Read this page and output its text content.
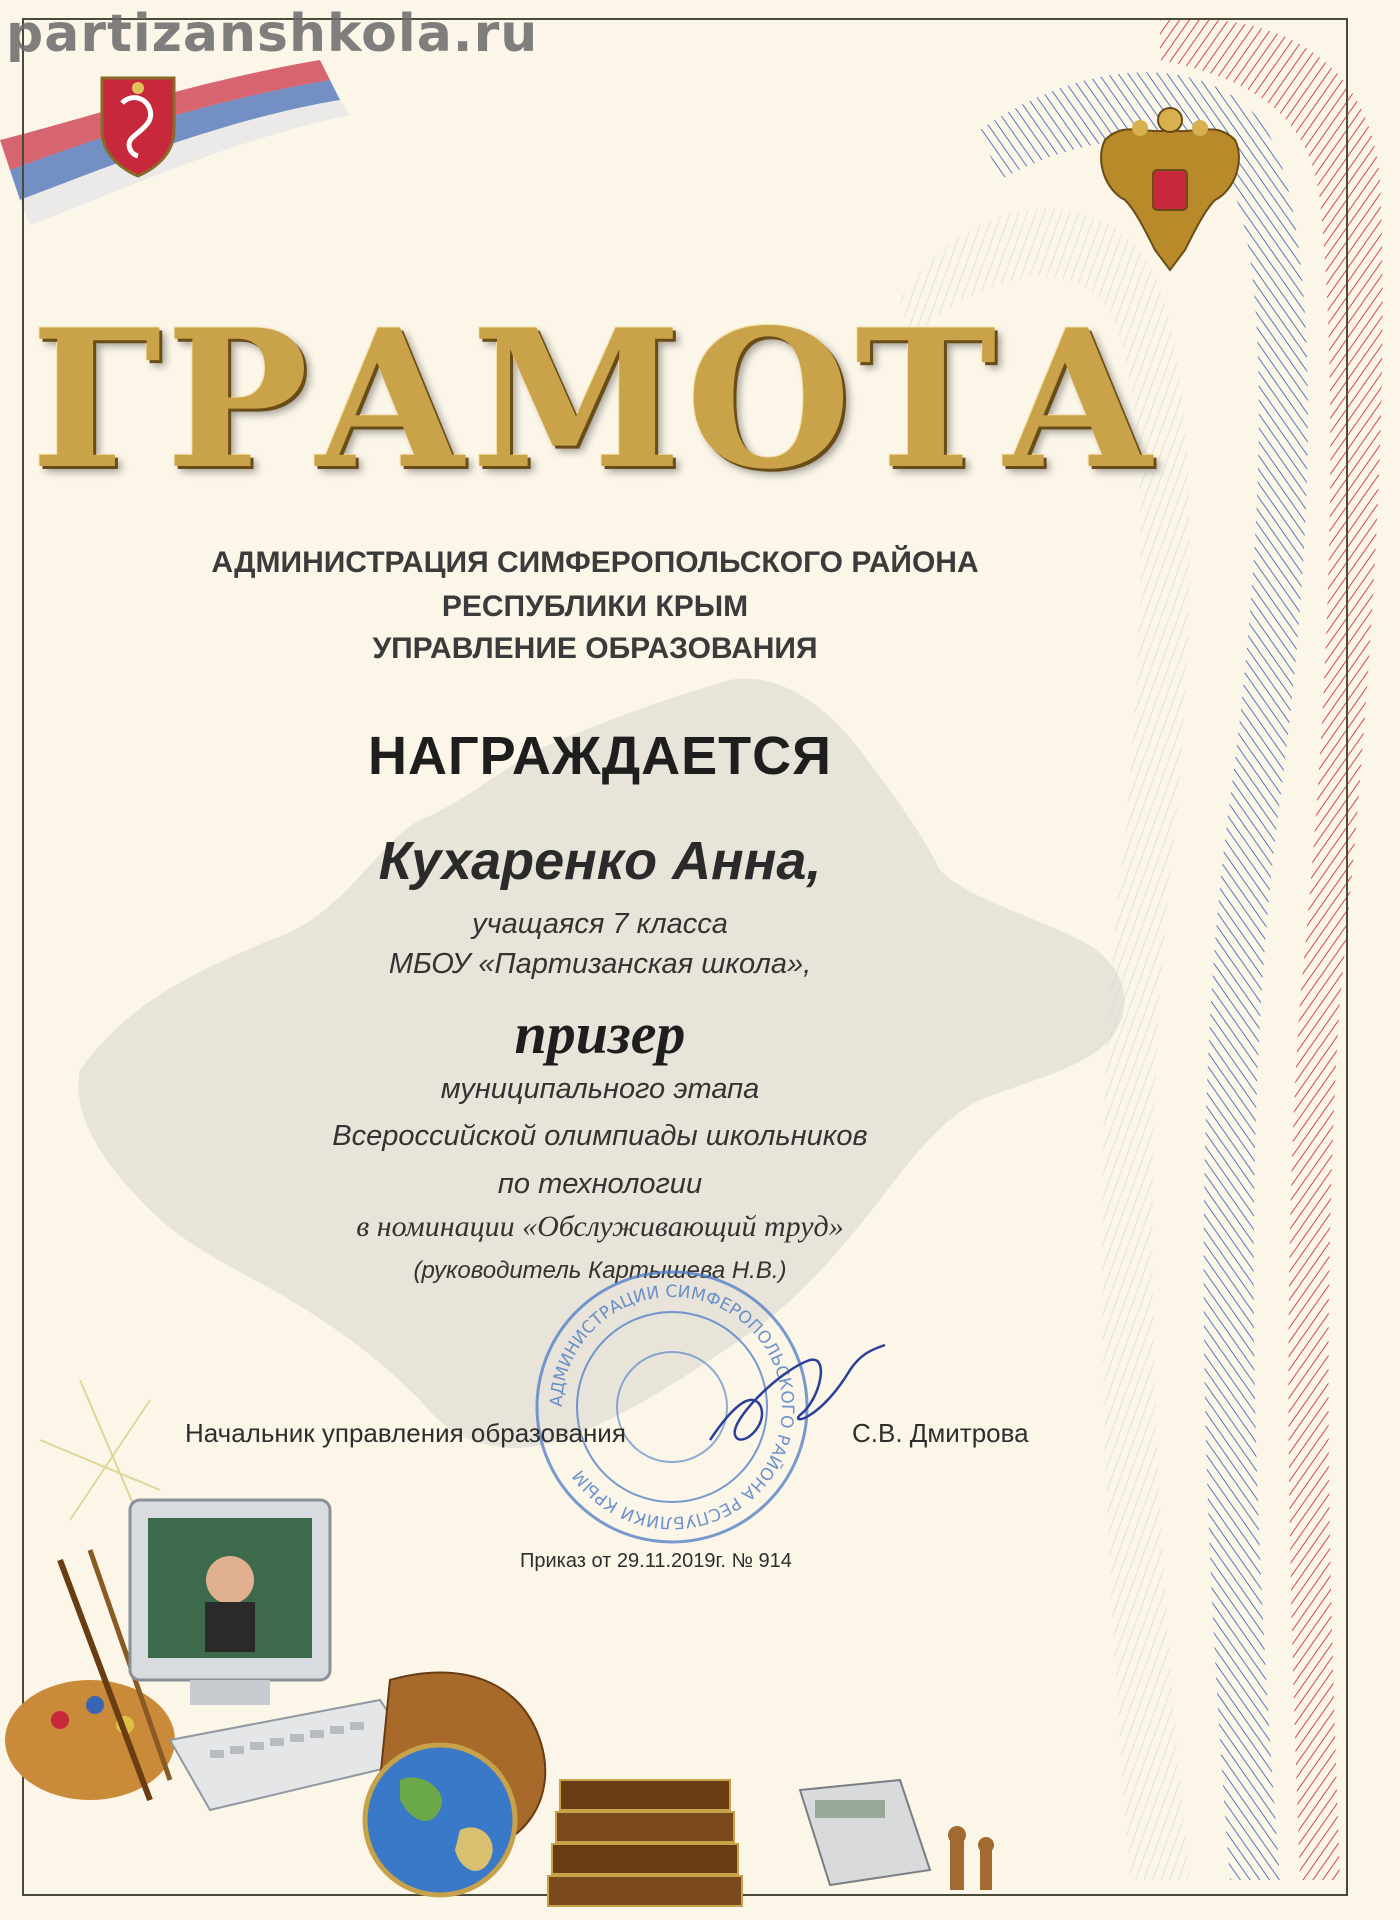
partizanshkola.ru
ГРАМОТА
АДМИНИСТРАЦИЯ СИМФЕРОПОЛЬСКОГО РАЙОНА
РЕСПУБЛИКИ КРЫМ
УПРАВЛЕНИЕ ОБРАЗОВАНИЯ
НАГРАЖДАЕТСЯ
Кухаренко Анна,
учащаяся 7 класса
МБОУ «Партизанская школа»,
призер
муниципального этапа
Всероссийской олимпиады школьников
по технологии
в номинации «Обслуживающий труд»
(руководитель Картышева Н.В.)
АДМИНИСТРАЦИИ СИМФЕРОПОЛЬСКОГО РАЙОНА РЕСПУБЛИКИ КРЫМ
Начальник управления образования	С.В. Дмитрова
Приказ от 29.11.2019г. № 914
